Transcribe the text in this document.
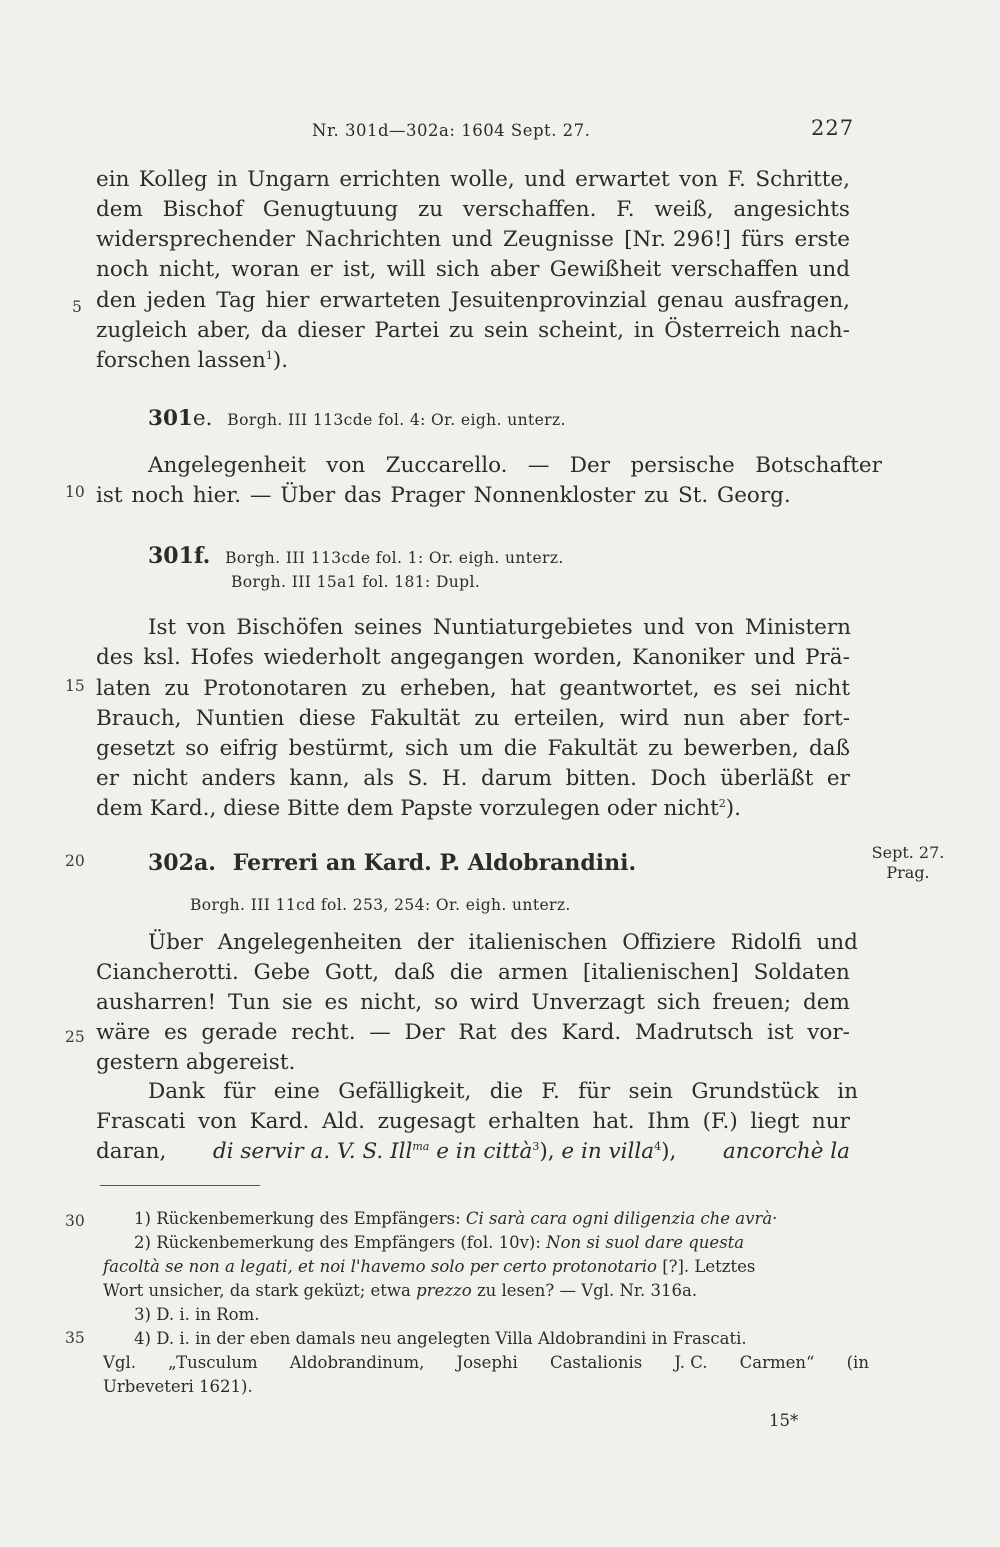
Nr. 301d—302a: 1604 Sept. 27.	227
5
10
15
20
25
30
35
ein Kolleg in Ungarn errichten wolle, und erwartet von F. Schritte,
dem Bischof Genugtuung zu verschaffen. F. weiß, angesichts
widersprechender Nachrichten und Zeugnisse [Nr. 296!] fürs erste
noch nicht, woran er ist, will sich aber Gewißheit verschaffen und
den jeden Tag hier erwarteten Jesuitenprovinzial genau ausfragen,
zugleich aber, da dieser Partei zu sein scheint, in Österreich nach-
forschen lassen$^1$).
301e. Borgh. III 113cde fol. 4: Or. eigh. unterz.
Angelegenheit von Zuccarello. — Der persische Botschafter
ist noch hier. — Über das Prager Nonnenkloster zu St. Georg.
301f. Borgh. III 113cde fol. 1: Or. eigh. unterz.
Borgh. III 15a1 fol. 181: Dupl.
Ist von Bischöfen seines Nuntiaturgebietes und von Ministern
des ksl. Hofes wiederholt angegangen worden, Kanoniker und Prä-
laten zu Protonotaren zu erheben, hat geantwortet, es sei nicht
Brauch, Nuntien diese Fakultät zu erteilen, wird nun aber fort-
gesetzt so eifrig bestürmt, sich um die Fakultät zu bewerben, daß
er nicht anders kann, als S. H. darum bitten. Doch überläßt er
dem Kard., diese Bitte dem Papste vorzulegen oder nicht$^2$).
302a. Ferreri an Kard. P. Aldobrandini.	Sept. 27.
Prag.
Borgh. III 11cd fol. 253, 254: Or. eigh. unterz.
Über Angelegenheiten der italienischen Offiziere Ridolfi und
Ciancherotti. Gebe Gott, daß die armen [italienischen] Soldaten
ausharren! Tun sie es nicht, so wird Unverzagt sich freuen; dem
wäre es gerade recht. — Der Rat des Kard. Madrutsch ist vor-
gestern abgereist.
Dank für eine Gefälligkeit, die F. für sein Grundstück in
Frascati von Kard. Ald. zugesagt erhalten hat. Ihm (F.) liegt nur
daran, di servir a. V. S. Ill$^{ma}$ e in città$^3$), e in villa$^4$), ancorchè la
1) Rückenbemerkung des Empfängers: Ci sarà cara ogni diligenzia che avrà·
2) Rückenbemerkung des Empfängers (fol. 10v): Non si suol dare questa
facoltà se non a legati, et noi l'havemo solo per certo protonotario [?]. Letztes
Wort unsicher, da stark geküzt; etwa prezzo zu lesen? — Vgl. Nr. 316a.
3) D. i. in Rom.
4) D. i. in der eben damals neu angelegten Villa Aldobrandini in Frascati.
Vgl. „Tusculum Aldobrandinum, Josephi Castalionis J. C. Carmen“ (in
Urbeveteri 1621).
15*
